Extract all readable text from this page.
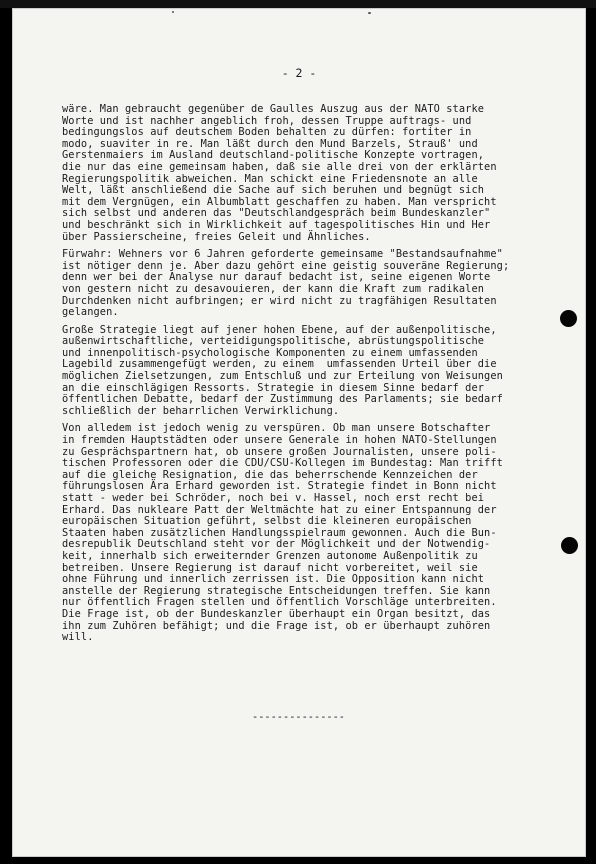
- 2 -
wäre. Man gebraucht gegenüber de Gaulles Auszug aus der NATO starke
Worte und ist nachher angeblich froh, dessen Truppe auftrags- und
bedingungslos auf deutschem Boden behalten zu dürfen: fortiter in
modo, suaviter in re. Man läßt durch den Mund Barzels, Strauß' und
Gerstenmaiers im Ausland deutschland-politische Konzepte vortragen,
die nur das eine gemeinsam haben, daß sie alle drei von der erklärten
Regierungspolitik abweichen. Man schickt eine Friedensnote an alle
Welt, läßt anschließend die Sache auf sich beruhen und begnügt sich
mit dem Vergnügen, ein Albumblatt geschaffen zu haben. Man verspricht
sich selbst und anderen das "Deutschlandgespräch beim Bundeskanzler"
und beschränkt sich in Wirklichkeit auf tagespolitisches Hin und Her
über Passierscheine, freies Geleit und Ähnliches.
Fürwahr: Wehners vor 6 Jahren geforderte gemeinsame "Bestandsaufnahme"
ist nötiger denn je. Aber dazu gehört eine geistig souveräne Regierung;
denn wer bei der Analyse nur darauf bedacht ist, seine eigenen Worte
von gestern nicht zu desavouieren, der kann die Kraft zum radikalen
Durchdenken nicht aufbringen; er wird nicht zu tragfähigen Resultaten
gelangen.
Große Strategie liegt auf jener hohen Ebene, auf der außenpolitische,
außenwirtschaftliche, verteidigungspolitische, abrüstungspolitische
und innenpolitisch-psychologische Komponenten zu einem umfassenden
Lagebild zusammengefügt werden, zu einem  umfassenden Urteil über die
möglichen Zielsetzungen, zum Entschluß und zur Erteilung von Weisungen
an die einschlägigen Ressorts. Strategie in diesem Sinne bedarf der
öffentlichen Debatte, bedarf der Zustimmung des Parlaments; sie bedarf
schließlich der beharrlichen Verwirklichung.
Von alledem ist jedoch wenig zu verspüren. Ob man unsere Botschafter
in fremden Hauptstädten oder unsere Generale in hohen NATO-Stellungen
zu Gesprächspartnern hat, ob unsere großen Journalisten, unsere poli-
tischen Professoren oder die CDU/CSU-Kollegen im Bundestag: Man trifft
auf die gleiche Resignation, die das beherrschende Kennzeichen der
führungslosen Ära Erhard geworden ist. Strategie findet in Bonn nicht
statt - weder bei Schröder, noch bei v. Hassel, noch erst recht bei
Erhard. Das nukleare Patt der Weltmächte hat zu einer Entspannung der
europäischen Situation geführt, selbst die kleineren europäischen
Staaten haben zusätzlichen Handlungsspielraum gewonnen. Auch die Bun-
desrepublik Deutschland steht vor der Möglichkeit und der Notwendig-
keit, innerhalb sich erweiternder Grenzen autonome Außenpolitik zu
betreiben. Unsere Regierung ist darauf nicht vorbereitet, weil sie
ohne Führung und innerlich zerrissen ist. Die Opposition kann nicht
anstelle der Regierung strategische Entscheidungen treffen. Sie kann
nur öffentlich Fragen stellen und öffentlich Vorschläge unterbreiten.
Die Frage ist, ob der Bundeskanzler überhaupt ein Organ besitzt, das
ihn zum Zuhören befähigt; und die Frage ist, ob er überhaupt zuhören
will.
---------------
